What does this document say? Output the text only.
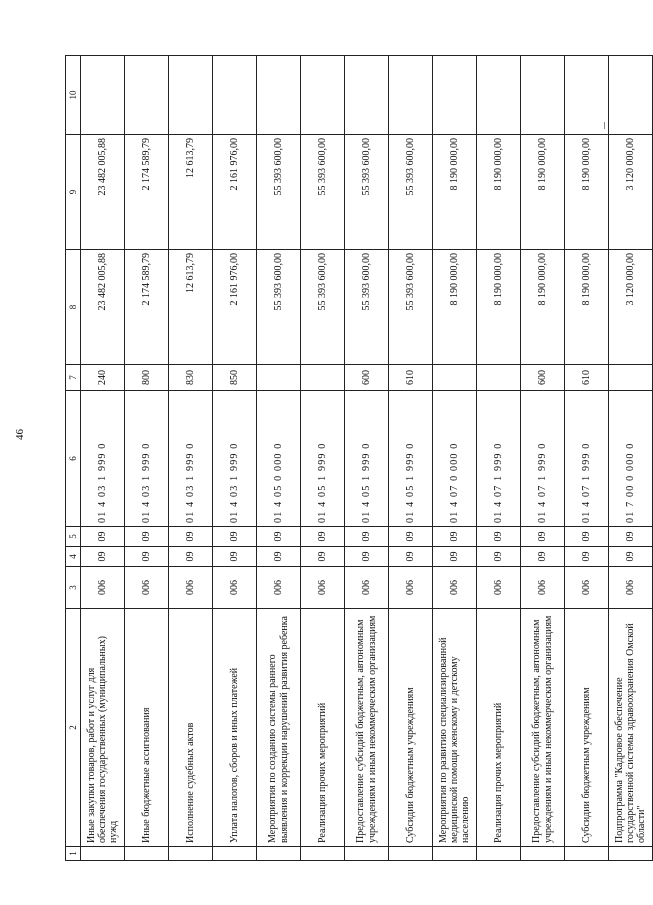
46
1	2	3	4	5	6	7	8	9	10
	Иные закупки товаров, работ и услуг для обеспечения государственных (муниципальных) нужд	006	09	09	01 4 03 1 999 0	240	23 482 005,88	23 482 005,88	
	Иные бюджетные ассигнования	006	09	09	01 4 03 1 999 0	800	2 174 589,79	2 174 589,79	
	Исполнение судебных актов	006	09	09	01 4 03 1 999 0	830	12 613,79	12 613,79	
	Уплата налогов, сборов и иных платежей	006	09	09	01 4 03 1 999 0	850	2 161 976,00	2 161 976,00	
	Мероприятия по созданию системы раннего выявления и коррекции нарушений развития ребенка	006	09	09	01 4 05 0 000 0		55 393 600,00	55 393 600,00	
	Реализация прочих мероприятий	006	09	09	01 4 05 1 999 0		55 393 600,00	55 393 600,00	
	Предоставление субсидий бюджетным, автономным учреждениям и иным некоммерческим организациям	006	09	09	01 4 05 1 999 0	600	55 393 600,00	55 393 600,00	
	Субсидии бюджетным учреждениям	006	09	09	01 4 05 1 999 0	610	55 393 600,00	55 393 600,00	
	Мероприятия по развитию специализированной медицинской помощи женскому и детскому населению	006	09	09	01 4 07 0 000 0		8 190 000,00	8 190 000,00	
	Реализация прочих мероприятий	006	09	09	01 4 07 1 999 0		8 190 000,00	8 190 000,00	
	Предоставление субсидий бюджетным, автономным учреждениям и иным некоммерческим организациям	006	09	09	01 4 07 1 999 0	600	8 190 000,00	8 190 000,00	
	Субсидии бюджетным учреждениям	006	09	09	01 4 07 1 999 0	610	8 190 000,00	8 190 000,00	
	Подпрограмма "Кадровое обеспечение государственной системы здравоохранения Омской области"	006	09	09	01 7 00 0 000 0		3 120 000,00	3 120 000,00	
